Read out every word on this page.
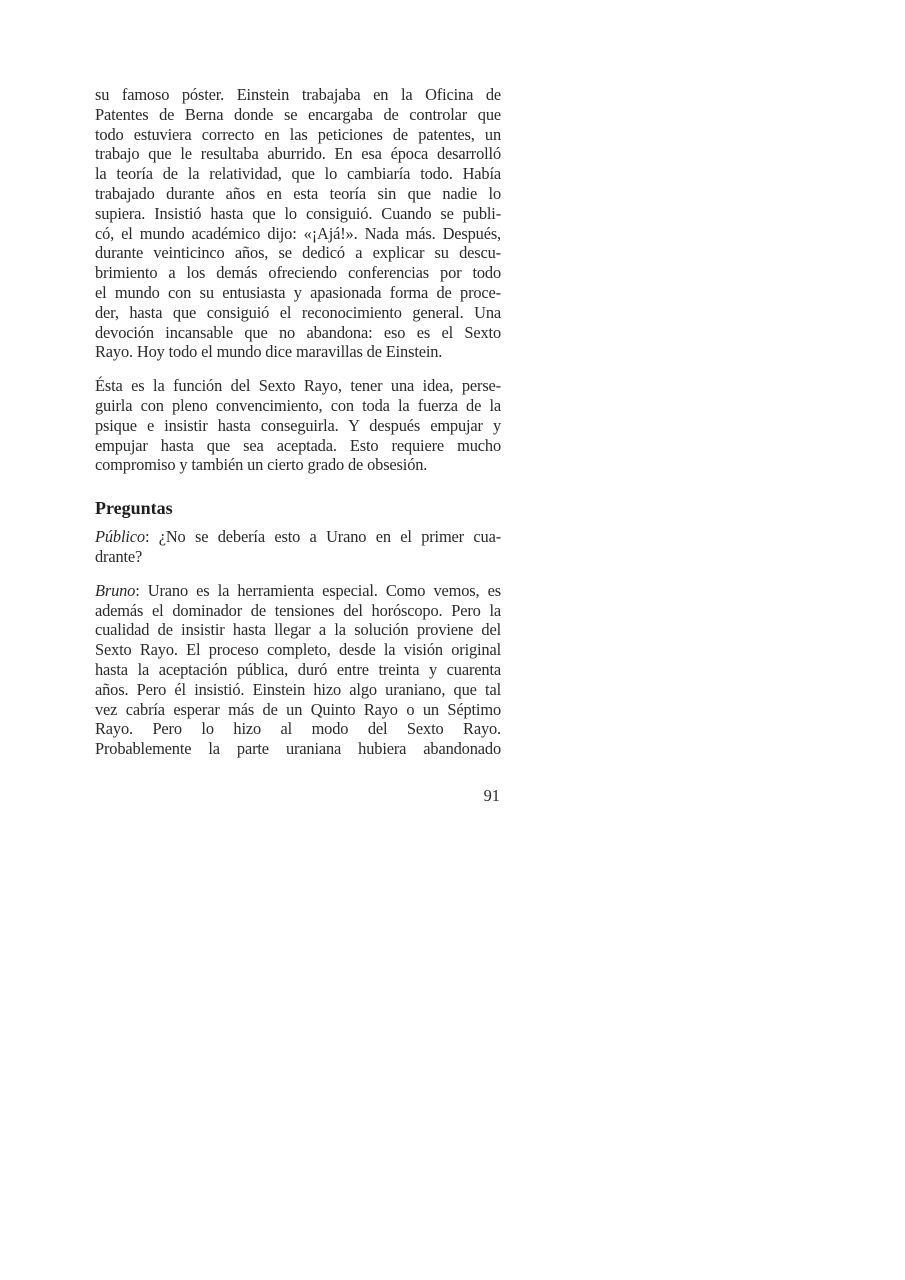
su famoso póster. Einstein trabajaba en la Oficina de
Patentes de Berna donde se encargaba de controlar que
todo estuviera correcto en las peticiones de patentes, un
trabajo que le resultaba aburrido. En esa época desarrolló
la teoría de la relatividad, que lo cambiaría todo. Había
trabajado durante años en esta teoría sin que nadie lo
supiera. Insistió hasta que lo consiguió. Cuando se publi-
có, el mundo académico dijo: «¡Ajá!». Nada más. Después,
durante veinticinco años, se dedicó a explicar su descu-
brimiento a los demás ofreciendo conferencias por todo
el mundo con su entusiasta y apasionada forma de proce-
der, hasta que consiguió el reconocimiento general. Una
devoción incansable que no abandona: eso es el Sexto
Rayo. Hoy todo el mundo dice maravillas de Einstein.
Ésta es la función del Sexto Rayo, tener una idea, perse-
guirla con pleno convencimiento, con toda la fuerza de la
psique e insistir hasta conseguirla. Y después empujar y
empujar hasta que sea aceptada. Esto requiere mucho
compromiso y también un cierto grado de obsesión.
Preguntas
Público: ¿No se debería esto a Urano en el primer cua-
drante?
Bruno: Urano es la herramienta especial. Como vemos, es
además el dominador de tensiones del horóscopo. Pero la
cualidad de insistir hasta llegar a la solución proviene del
Sexto Rayo. El proceso completo, desde la visión original
hasta la aceptación pública, duró entre treinta y cuarenta
años. Pero él insistió. Einstein hizo algo uraniano, que tal
vez cabría esperar más de un Quinto Rayo o un Séptimo
Rayo. Pero lo hizo al modo del Sexto Rayo.
Probablemente la parte uraniana hubiera abandonado
91
